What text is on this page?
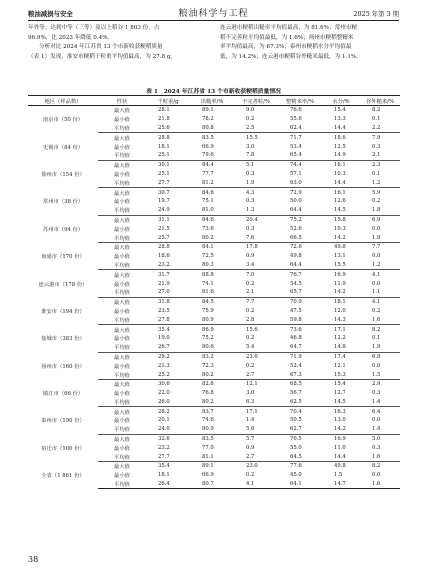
粮油减损与安全	粮油科学与工程	2025 年第 3 期
年外等；达到中等（三等）及以上稻谷 1 803 份，占
96.9%，比 2023 年降低 0.4%。
分析对比 2024 年江苏省 13 个市新收获粳稻质量
（表 1）发现，淮安市粳稻千粒重平均值最高，为 27.8 g，
连云港市粳稻出糙率平均值最高，为 81.6%；常州市粳
稻不完善粒平均值最低，为 1.6%；扬州市粳稻整精米
率平均值最高，为 67.3%；泰州市粳稻水分平均值最
低，为 14.2%；连云港市粳稻谷外糙米最低，为 1.1%。
表 1　2024 年江苏省 13 个市新收获粳稻质量情况
地区（样品数）	性状	千粒重/g	出糙率/%	不完善粒/%	整精米率/%	水分/%	谷外糙米/%
南京市（50 份）	最大值	28.1	89.1	9.0	76.6	15.4	8.2
	最小值	21.8	78.2	0.2	55.6	13.3	0.1
	平均值	25.6	80.8	2.5	62.4	14.4	2.2
无锡市（84 份）	最大值	28.8	83.5	15.5	71.7	18.6	7.9
	最小值	18.1	66.9	3.0	53.4	12.5	0.3
	平均值	25.1	79.6	7.8	65.4	14.9	2.1
徐州市（154 份）	最大值	30.1	84.4	5.1	74.4	16.1	2.3
	最小值	25.1	77.7	0.3	57.1	10.3	0.1
	平均值	27.7	81.2	1.9	63.0	14.4	1.2
常州市（38 份）	最大值	30.7	84.6	4.3	72.9	16.1	5.9
	最小值	19.7	75.1	0.3	50.0	12.6	0.2
	平均值	24.9	81.0	1.3	64.4	14.5	1.8
苏州市（94 份）	最大值	31.1	84.6	20.4	75.2	15.8	6.9
	最小值	21.5	73.6	0.3	52.6	10.3	0.0
	平均值	25.7	80.2	7.6	66.5	14.2	1.9
南通市（170 份）	最大值	28.8	84.1	17.8	72.6	49.8	7.7
	最小值	18.6	72.5	0.9	49.8	13.1	0.0
	平均值	23.2	80.3	3.4	64.4	15.5	1.2
连云港市（178 份）	最大值	31.7	88.8	7.0	76.7	16.9	4.1
	最小值	21.9	74.1	0.2	54.5	11.9	0.0
	平均值	27.0	81.6	2.1	65.7	14.2	1.1
淮安市（194 份）	最大值	31.8	84.5	7.7	70.9	18.1	4.1
	最小值	23.5	75.9	0.2	47.5	12.0	0.2
	平均值	27.8	80.9	2.8	59.8	14.3	1.6
盐城市（383 份）	最大值	35.4	86.9	15.6	73.6	17.1	8.2
	最小值	19.0	75.2	0.2	46.8	12.2	0.1
	平均值	26.7	80.6	5.4	64.7	14.8	1.9
扬州市（160 份）	最大值	29.2	83.2	23.0	71.9	17.4	6.8
	最小值	21.3	72.3	0.2	52.4	12.1	0.0
	平均值	25.2	80.2	2.7	67.3	15.3	1.5
镇江市（66 份）	最大值	30.6	82.6	12.1	68.5	15.4	2.9
	最小值	22.0	76.8	3.0	56.7	12.7	0.3
	平均值	26.0	80.2	6.3	62.5	14.5	1.4
泰州市（190 份）	最大值	28.2	83.7	17.1	70.4	16.3	6.4
	最小值	20.1	74.6	1.4	50.5	13.0	0.0
	平均值	24.0	80.9	5.6	62.7	14.2	1.4
宿迁市（100 份）	最大值	32.6	83.5	5.7	70.5	16.9	5.0
	最小值	23.2	77.0	0.9	55.0	11.0	0.3
	平均值	27.7	81.1	2.7	64.5	14.4	1.6
全省（1 861 份）	最大值	35.4	89.1	23.0	77.6	49.8	8.2
	最小值	18.1	66.9	0.2	45.0	1.5	0.0
	平均值	26.4	80.7	4.1	64.1	14.7	1.6
38
